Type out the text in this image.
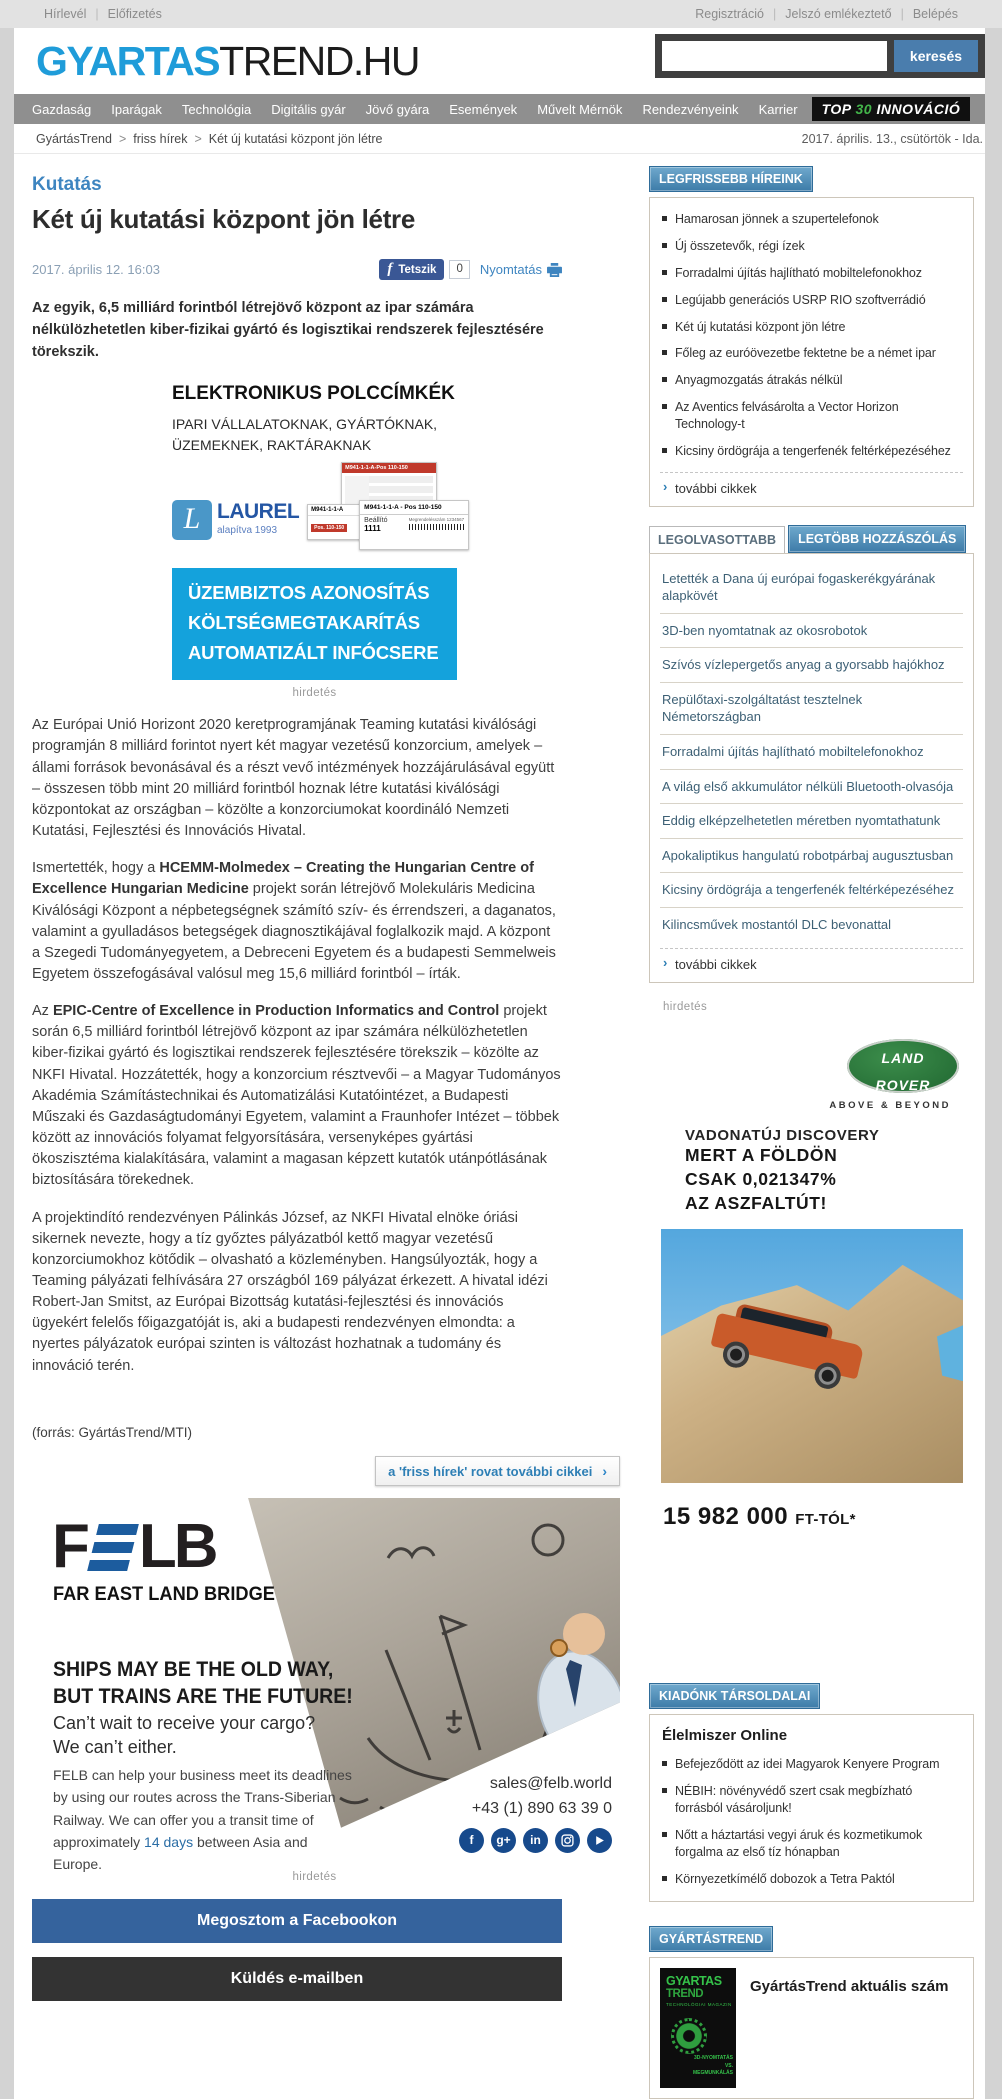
Hírlevél | Előfizetés	Regisztráció | Jelszó emlékeztető | Belépés
GYARTASTREND.HU	keresés
Gazdaság	Iparágak	Technológia	Digitális gyár	Jövő gyára	Események	Művelt Mérnök	Rendezvényeink	Karrier	TOP 30 INNOVÁCIÓ
GyártásTrend > friss hírek > Két új kutatási központ jön létre	2017. április. 13., csütörtök - Ida.
Kutatás
Két új kutatási központ jön létre
2017. április 12. 16:03	f Tetszik	0	Nyomtatás
Az egyik, 6,5 milliárd forintból létrejövő központ az ipar számára nélkülözhetetlen kiber-fizikai gyártó és logisztikai rendszerek fejlesztésére törekszik.
ELEKTRONIKUS POLCCÍMKÉK
IPARI VÁLLALATOKNAK, GYÁRTÓKNAK,
ÜZEMEKNEK, RAKTÁRAKNAK
L LAUREL
alapítva 1993
M941-1-1-A-Pos 110-150
M941-1-1-A
Pos. 110-150
M941-1-1-A - Pos 110-150
Beállító
1111
Megrendelésszám 1234567
ÜZEMBIZTOS AZONOSÍTÁS
KÖLTSÉGMEGTAKARÍTÁS
AUTOMATIZÁLT INFÓCSERE
hirdetés

Az Európai Unió Horizont 2020 keretprogramjának Teaming kutatási kiválósági programján 8 milliárd forintot nyert két magyar vezetésű konzorcium, amelyek – állami források bevonásával és a részt vevő intézmények hozzájárulásával együtt – összesen több mint 20 milliárd forintból hoznak létre kutatási kiválósági központokat az országban – közölte a konzorciumokat koordináló Nemzeti Kutatási, Fejlesztési és Innovációs Hivatal.

Ismertették, hogy a HCEMM-Molmedex – Creating the Hungarian Centre of Excellence Hungarian Medicine projekt során létrejövő Molekuláris Medicina Kiválósági Központ a népbetegségnek számító szív- és érrendszeri, a daganatos, valamint a gyulladásos betegségek diagnosztikájával foglalkozik majd. A központ a Szegedi Tudományegyetem, a Debreceni Egyetem és a budapesti Semmelweis Egyetem összefogásával valósul meg 15,6 milliárd forintból – írták.

Az EPIC-Centre of Excellence in Production Informatics and Control projekt során 6,5 milliárd forintból létrejövő központ az ipar számára nélkülözhetetlen kiber-fizikai gyártó és logisztikai rendszerek fejlesztésére törekszik – közölte az NKFI Hivatal. Hozzátették, hogy a konzorcium résztvevői – a Magyar Tudományos Akadémia Számítástechnikai és Automatizálási Kutatóintézet, a Budapesti Műszaki és Gazdaságtudományi Egyetem, valamint a Fraunhofer Intézet – többek között az innovációs folyamat felgyorsítására, versenyképes gyártási ökoszisztéma kialakítására, valamint a magasan képzett kutatók utánpótlásának biztosítására törekednek.

A projektindító rendezvényen Pálinkás József, az NKFI Hivatal elnöke óriási sikernek nevezte, hogy a tíz győztes pályázatból kettő magyar vezetésű konzorciumokhoz kötődik – olvasható a közleményben. Hangsúlyozták, hogy a Teaming pályázati felhívására 27 országból 169 pályázat érkezett. A hivatal idézi Robert-Jan Smitst, az Európai Bizottság kutatási-fejlesztési és innovációs ügyekért felelős főigazgatóját is, aki a budapesti rendezvényen elmondta: a nyertes pályázatok európai szinten is változást hozhatnak a tudomány és innováció terén.

(forrás: GyártásTrend/MTI)
a 'friss hírek' rovat további cikkei ›
F LB
FAR EAST LAND BRIDGE
SHIPS MAY BE THE OLD WAY,
BUT TRAINS ARE THE FUTURE!
Can’t wait to receive your cargo?
We can’t either.
FELB can help your business meet its deadlines by using our routes across the Trans-Siberian Railway. We can offer you a transit time of approximately 14 days between Asia and Europe.
sales@felb.world
+43 (1) 890 63 39 0
f	g+	in
hirdetés
Megosztom a Facebookon
Küldés e-mailben
LEGFRISSEBB HÍREINK
Hamarosan jönnek a szupertelefonok
Új összetevők, régi ízek
Forradalmi újítás hajlítható mobiltelefonokhoz
Legújabb generációs USRP RIO szoftverrádió
Két új kutatási központ jön létre
Főleg az euróövezetbe fektetne be a német ipar
Anyagmozgatás átrakás nélkül
Az Aventics felvásárolta a Vector Horizon Technology-t
Kicsiny ördögrája a tengerfenék feltérképezéséhez
› további cikkek
LEGOLVASOTTABB	LEGTÖBB HOZZÁSZÓLÁS
Letették a Dana új európai fogaskerékgyárának alapkövét
3D-ben nyomtatnak az okosrobotok
Szívós vízlepergetős anyag a gyorsabb hajókhoz
Repülőtaxi-szolgáltatást tesztelnek Németországban
Forradalmi újítás hajlítható mobiltelefonokhoz
A világ első akkumulátor nélküli Bluetooth-olvasója
Eddig elképzelhetetlen méretben nyomtathatunk
Apokaliptikus hangulatú robotpárbaj augusztusban
Kicsiny ördögrája a tengerfenék feltérképezéséhez
Kilincsművek mostantól DLC bevonattal
› további cikkek
hirdetés
LAND
ROVER
ABOVE & BEYOND
VADONATÚJ DISCOVERY
MERT A FÖLDÖN
CSAK 0,021347%
AZ ASZFALTÚT!
15 982 000 FT-TÓL*
KIADÓNK TÁRSOLDALAI
Élelmiszer Online
Befejeződött az idei Magyarok Kenyere Program
NÉBIH: növényvédő szert csak megbízható forrásból vásároljunk!
Nőtt a háztartási vegyi áruk és kozmetikumok forgalma az első tíz hónapban
Környezetkímélő dobozok a Tetra Paktól
GYÁRTÁSTREND
GYARTAS
TREND
TECHNOLÓGIAI MAGAZIN
3D-NYOMTATÁS VS. MEGMUNKÁLÁS
GyártásTrend aktuális szám
